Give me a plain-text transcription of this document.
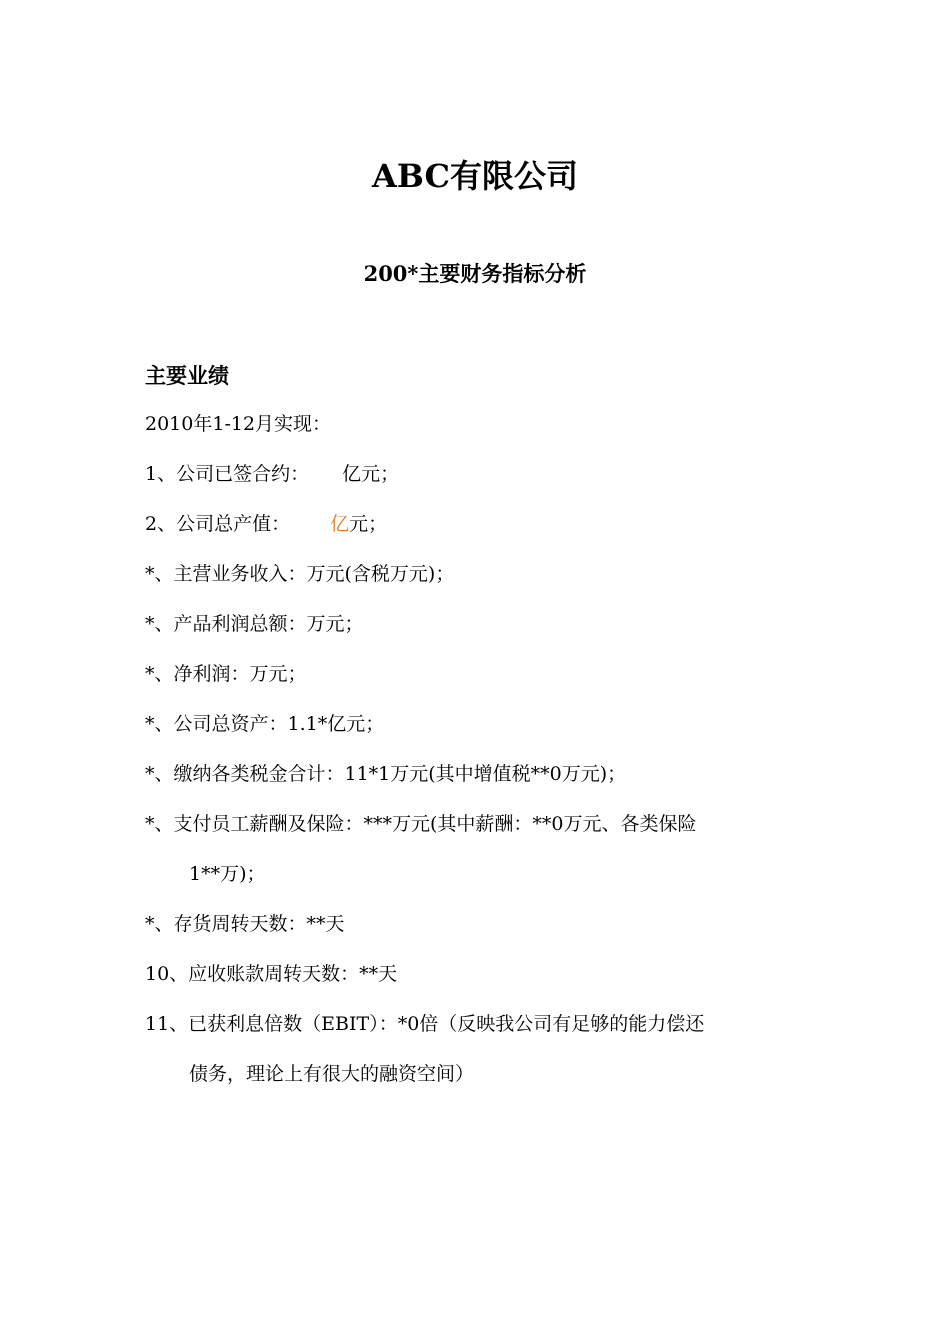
ABC有限公司
200*主要财务指标分析
主要业绩
2010年1-12月实现：
1、公司已签合约： 亿元；
2、公司总产值： 亿元；
*、主营业务收入：万元(含税万元)；
*、产品利润总额：万元；
*、净利润：万元；
*、公司总资产：1.1*亿元；
*、缴纳各类税金合计：11*1万元(其中增值税**0万元)；
*、支付员工薪酬及保险：***万元(其中薪酬：**0万元、各类保险
1**万)；
*、存货周转天数：**天
10、应收账款周转天数：**天
11、已获利息倍数（EBIT）：*0倍（反映我公司有足够的能力偿还
债务，理论上有很大的融资空间）
